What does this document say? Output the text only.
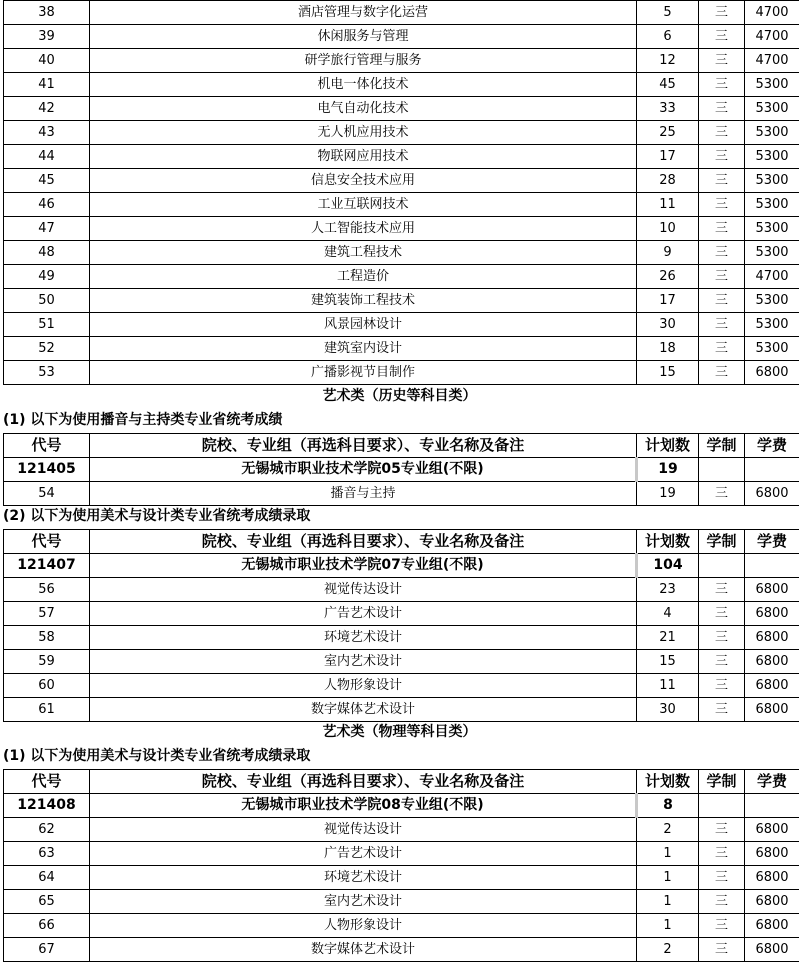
38	酒店管理与数字化运营	5	三	4700
39	休闲服务与管理	6	三	4700
40	研学旅行管理与服务	12	三	4700
41	机电一体化技术	45	三	5300
42	电气自动化技术	33	三	5300
43	无人机应用技术	25	三	5300
44	物联网应用技术	17	三	5300
45	信息安全技术应用	28	三	5300
46	工业互联网技术	11	三	5300
47	人工智能技术应用	10	三	5300
48	建筑工程技术	9	三	5300
49	工程造价	26	三	4700
50	建筑装饰工程技术	17	三	5300
51	风景园林设计	30	三	5300
52	建筑室内设计	18	三	5300
53	广播影视节目制作	15	三	6800
艺术类（历史等科目类）
(1) 以下为使用播音与主持类专业省统考成绩
代号	院校、专业组（再选科目要求）、专业名称及备注	计划数	学制	学费
121405	无锡城市职业技术学院05专业组(不限)	19		
54	播音与主持	19	三	6800
(2) 以下为使用美术与设计类专业省统考成绩录取
代号	院校、专业组（再选科目要求）、专业名称及备注	计划数	学制	学费
121407	无锡城市职业技术学院07专业组(不限)	104		
56	视觉传达设计	23	三	6800
57	广告艺术设计	4	三	6800
58	环境艺术设计	21	三	6800
59	室内艺术设计	15	三	6800
60	人物形象设计	11	三	6800
61	数字媒体艺术设计	30	三	6800
艺术类（物理等科目类）
(1) 以下为使用美术与设计类专业省统考成绩录取
代号	院校、专业组（再选科目要求）、专业名称及备注	计划数	学制	学费
121408	无锡城市职业技术学院08专业组(不限)	8		
62	视觉传达设计	2	三	6800
63	广告艺术设计	1	三	6800
64	环境艺术设计	1	三	6800
65	室内艺术设计	1	三	6800
66	人物形象设计	1	三	6800
67	数字媒体艺术设计	2	三	6800
